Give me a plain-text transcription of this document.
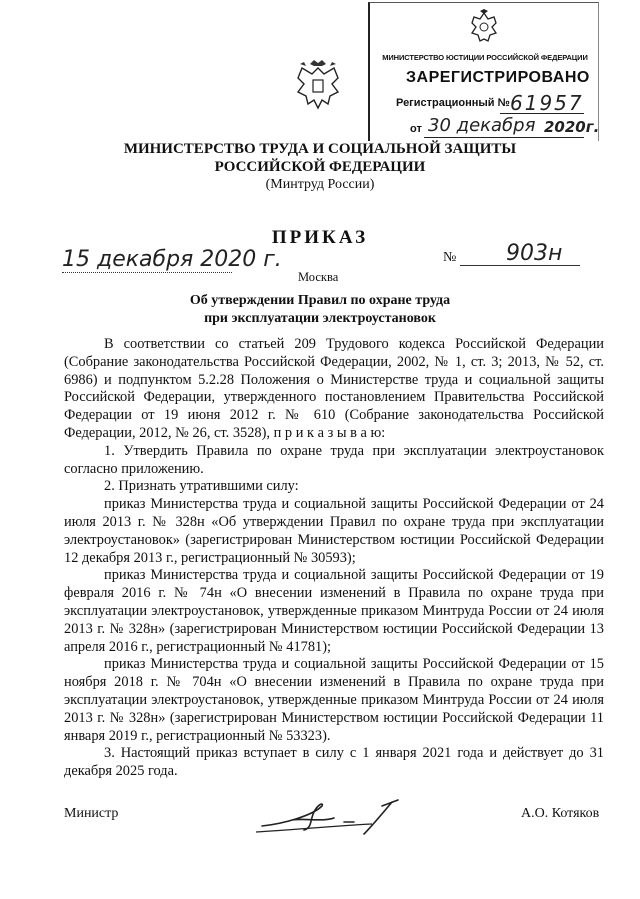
МИНИСТЕРСТВО ЮСТИЦИИ РОССИЙСКОЙ ФЕДЕРАЦИИ
ЗАРЕГИСТРИРОВАНО
Регистрационный № 61957
от 30 декабря 2020г.
МИНИСТЕРСТВО ТРУДА И СОЦИАЛЬНОЙ ЗАЩИТЫ
РОССИЙСКОЙ ФЕДЕРАЦИИ
(Минтруд России)
ПРИКАЗ
15 декабря 2020 г.	№ 903н
Москва
Об утверждении Правил по охране труда
при эксплуатации электроустановок

В соответствии со статьей 209 Трудового кодекса Российской Федерации (Собрание законодательства Российской Федерации, 2002, № 1, ст. 3; 2013, № 52, ст. 6986) и подпунктом 5.2.28 Положения о Министерстве труда и социальной защиты Российской Федерации, утвержденного постановлением Правительства Российской Федерации от 19 июня 2012 г. № 610 (Собрание законодательства Российской Федерации, 2012, № 26, ст. 3528), п р и к а з ы в а ю:

1. Утвердить Правила по охране труда при эксплуатации электроустановок согласно приложению.

2. Признать утратившими силу:

приказ Министерства труда и социальной защиты Российской Федерации от 24 июля 2013 г. № 328н «Об утверждении Правил по охране труда при эксплуатации электроустановок» (зарегистрирован Министерством юстиции Российской Федерации 12 декабря 2013 г., регистрационный № 30593);

приказ Министерства труда и социальной защиты Российской Федерации от 19 февраля 2016 г. № 74н «О внесении изменений в Правила по охране труда при эксплуатации электроустановок, утвержденные приказом Минтруда России от 24 июля 2013 г. № 328н» (зарегистрирован Министерством юстиции Российской Федерации 13 апреля 2016 г., регистрационный № 41781);

приказ Министерства труда и социальной защиты Российской Федерации от 15 ноября 2018 г. № 704н «О внесении изменений в Правила по охране труда при эксплуатации электроустановок, утвержденные приказом Минтруда России от 24 июля 2013 г. № 328н» (зарегистрирован Министерством юстиции Российской Федерации 11 января 2019 г., регистрационный № 53323).

3. Настоящий приказ вступает в силу с 1 января 2021 года и действует до 31 декабря 2025 года.

Министр	А.О. Котяков
